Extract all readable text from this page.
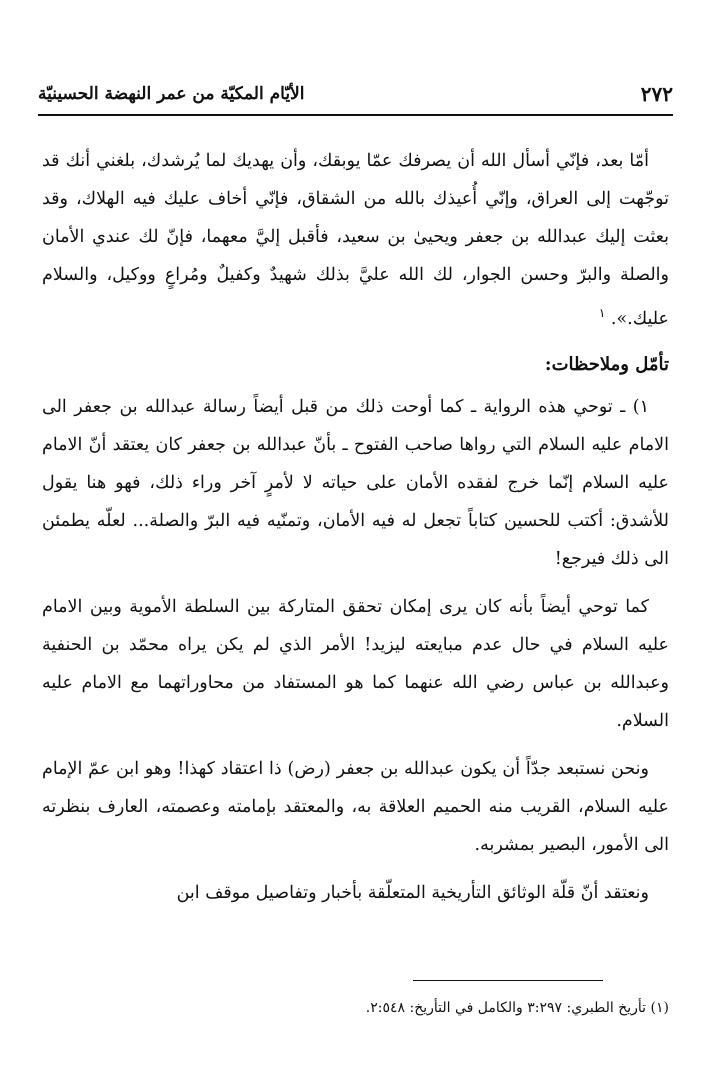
٢٧٢
الأيّام المكيّة من عمر النهضة الحسينيّة

أمّا بعد، فإنّي أسأل الله أن يصرفك عمّا يوبقك، وأن يهديك لما يُرشدك، بلغني أنك قد توجّهت إلى العراق، وإنّي أُعيذك بالله من الشقاق، فإنّي أخاف عليك فيه الهلاك، وقد بعثت إليك عبدالله بن جعفر ويحيىٰ بن سعيد، فأقبل إليَّ معهما، فإنّ لك عندي الأمان والصلة والبرّ وحسن الجوار، لك الله عليَّ بذلك شهيدٌ وكفيلٌ ومُراعٍ ووكيل، والسلام عليك.». $^١$

تأمّل وملاحظات:

١) ـ توحي هذه الرواية ـ كما أوحت ذلك من قبل أيضاً رسالة عبدالله بن جعفر الى الامام عليه السلام التي رواها صاحب الفتوح ـ بأنّ عبدالله بن جعفر كان يعتقد أنّ الامام عليه السلام إنّما خرج لفقده الأمان على حياته لا لأمرٍ آخر وراء ذلك، فهو هنا يقول للأشدق: أكتب للحسين كتاباً تجعل له فيه الأمان، وتمنّيه فيه البرّ والصلة... لعلّه يطمئن الى ذلك فيرجع!

كما توحي أيضاً بأنه كان يرى إمكان تحقق المتاركة بين السلطة الأموية وبين الامام عليه السلام في حال عدم مبايعته ليزيد! الأمر الذي لم يكن يراه محمّد بن الحنفية وعبدالله بن عباس رضي الله عنهما كما هو المستفاد من محاوراتهما مع الامام عليه السلام.

ونحن نستبعد جدّاً أن يكون عبدالله بن جعفر (رض) ذا اعتقاد كهذا! وهو ابن عمّ الإمام عليه السلام، القريب منه الحميم العلاقة به، والمعتقد بإمامته وعصمته، العارف بنظرته الى الأمور، البصير بمشربه.

ونعتقد أنّ قلّة الوثائق التأريخية المتعلّقة بأخبار وتفاصيل موقف ابن

(١) تأريخ الطبري: ٣:٢٩٧ والكامل في التأريخ: ٢:٥٤٨.
